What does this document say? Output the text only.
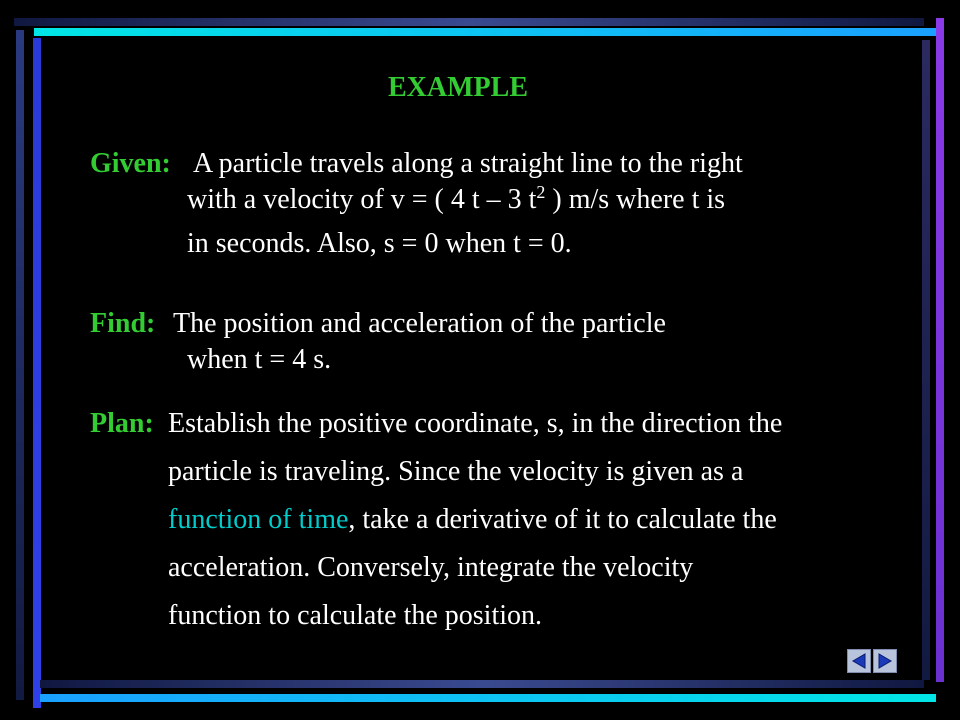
EXAMPLE
Given: A particle travels along a straight line to the right
with a velocity of v = ( 4 t – 3 $t^2$ ) m/s where t is
in seconds. Also, s = 0 when t = 0.
Find: The position and acceleration of the particle
when t = 4 s.
Plan: Establish the positive coordinate, s, in the direction the
particle is traveling. Since the velocity is given as a
function of time, take a derivative of it to calculate the
acceleration. Conversely, integrate the velocity
function to calculate the position.
